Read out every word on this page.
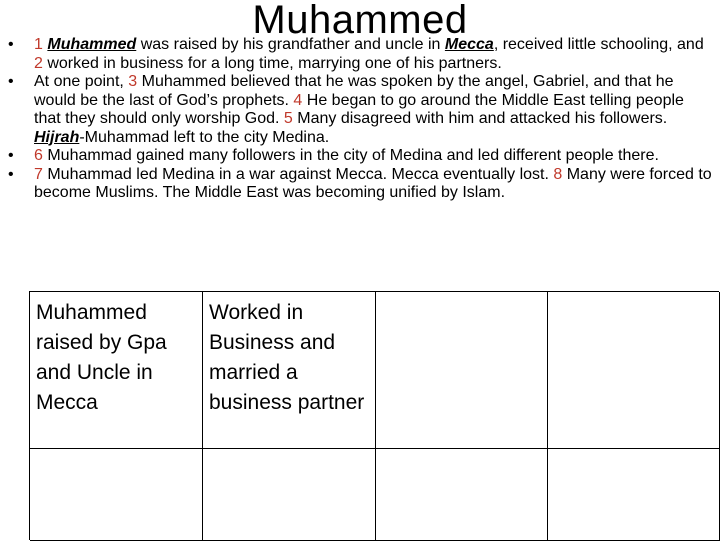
Muhammed
• 1 Muhammed was raised by his grandfather and uncle in Mecca, received little schooling, and 2 worked in business for a long time, marrying one of his partners.
• At one point, 3 Muhammed believed that he was spoken by the angel, Gabriel, and that he would be the last of God’s prophets. 4 He began to go around the Middle East telling people that they should only worship God. 5 Many disagreed with him and attacked his followers. Hijrah-Muhammad left to the city Medina.
• 6 Muhammad gained many followers in the city of Medina and led different people there.
• 7 Muhammad led Medina in a war against Mecca. Mecca eventually lost. 8 Many were forced to become Muslims. The Middle East was becoming unified by Islam.
Muhammed raised by Gpa and Uncle in Mecca
Worked in Business and married a business partner
